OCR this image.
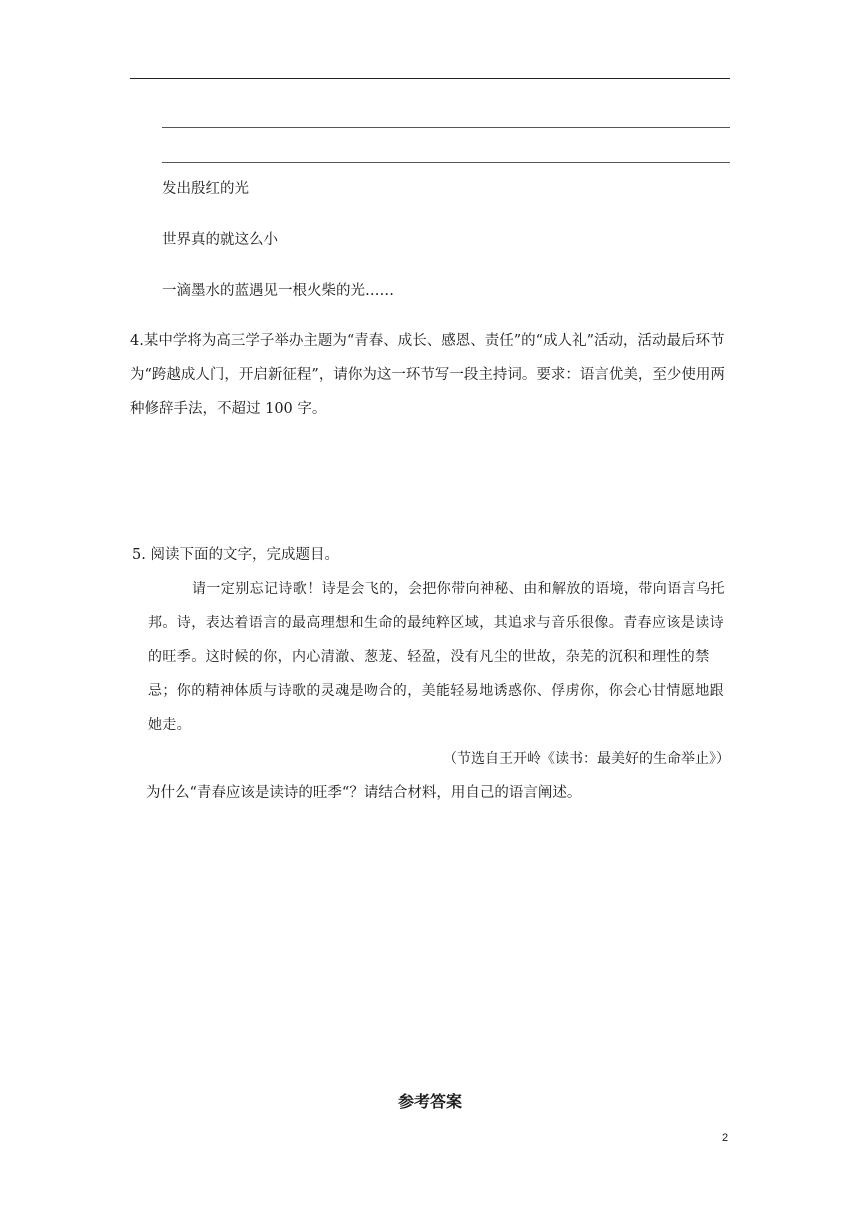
发出殷红的光
世界真的就这么小
一滴墨水的蓝遇见一根火柴的光……
4.某中学将为高三学子举办主题为“青春、成长、感恩、责任”的“成人礼”活动，活动最后环节为“跨越成人门，开启新征程”，请你为这一环节写一段主持词。要求：语言优美，至少使用两种修辞手法，不超过 100 字。
5. 阅读下面的文字，完成题目。
请一定别忘记诗歌！诗是会飞的，会把你带向神秘、由和解放的语境，带向语言乌托邦。诗，表达着语言的最高理想和生命的最纯粹区域，其追求与音乐很像。青春应该是读诗的旺季。这时候的你，内心清澈、葱茏、轻盈，没有凡尘的世故，杂芜的沉积和理性的禁忌；你的精神体质与诗歌的灵魂是吻合的，美能轻易地诱惑你、俘虏你，你会心甘情愿地跟她走。
（节选自王开岭《读书：最美好的生命举止》）
为什么“青春应该是读诗的旺季“？请结合材料，用自己的语言阐述。
参考答案
2
